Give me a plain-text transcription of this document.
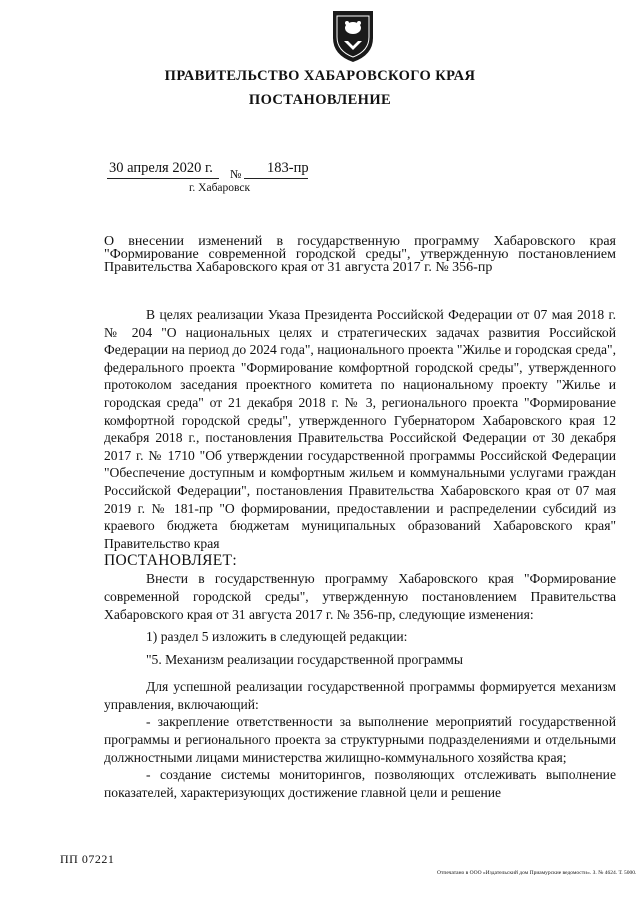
ПРАВИТЕЛЬСТВО ХАБАРОВСКОГО КРАЯ
ПОСТАНОВЛЕНИЕ
30 апреля 2020 г. № 183-пр
г. Хабаровск
О внесении изменений в государственную программу Хабаровского края "Формирование современной городской среды", утвержденную постановлением Правительства Хабаровского края от 31 августа 2017 г. № 356-пр

В целях реализации Указа Президента Российской Федерации от 07 мая 2018 г. № 204 "О национальных целях и стратегических задачах развития Российской Федерации на период до 2024 года", национального проекта "Жилье и городская среда", федерального проекта "Формирование комфортной городской среды", утвержденного протоколом заседания проектного комитета по национальному проекту "Жилье и городская среда" от 21 декабря 2018 г. № 3, регионального проекта "Формирование комфортной городской среды", утвержденного Губернатором Хабаровского края 12 декабря 2018 г., постановления Правительства Российской Федерации от 30 декабря 2017 г. № 1710 "Об утверждении государственной программы Российской Федерации "Обеспечение доступным и комфортным жильем и коммунальными услугами граждан Российской Федерации", постановления Правительства Хабаровского края от 07 мая 2019 г. № 181-пр "О формировании, предоставлении и распределении субсидий из краевого бюджета бюджетам муниципальных образований Хабаровского края" Правительство края

ПОСТАНОВЛЯЕТ:

Внести в государственную программу Хабаровского края "Формирование современной городской среды", утвержденную постановлением Правительства Хабаровского края от 31 августа 2017 г. № 356-пр, следующие изменения:

1) раздел 5 изложить в следующей редакции:

"5. Механизм реализации государственной программы

Для успешной реализации государственной программы формируется механизм управления, включающий:

- закрепление ответственности за выполнение мероприятий государственной программы и регионального проекта за структурными подразделениями и отдельными должностными лицами министерства жилищно-коммунального хозяйства края;

- создание системы мониторингов, позволяющих отслеживать выполнение показателей, характеризующих достижение главной цели и решение

ПП 07221
Отпечатано в ООО «Издательский дом Приамурские ведомости». З. № 4624. Т. 5000.
